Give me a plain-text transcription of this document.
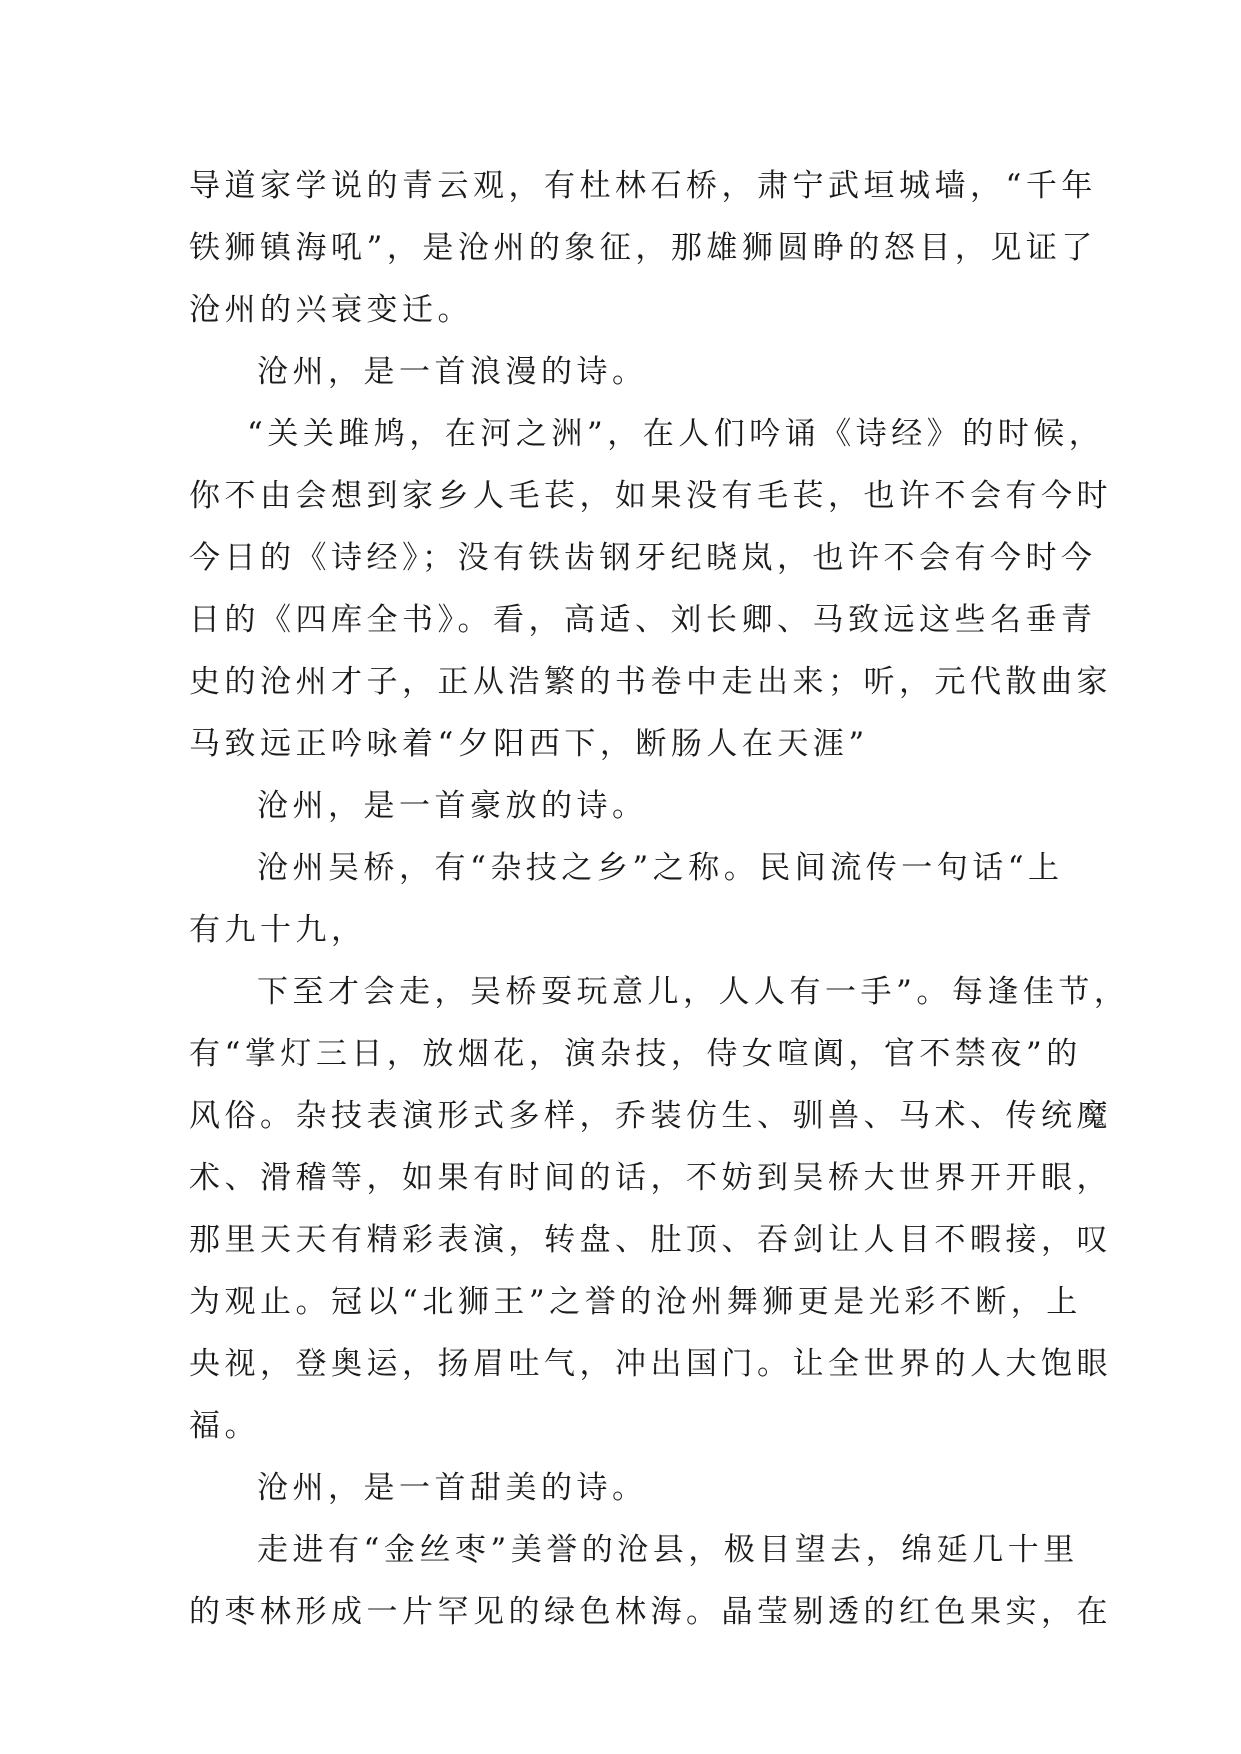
导道家学说的青云观，有杜林石桥，肃宁武垣城墙，“千年
铁狮镇海吼”，是沧州的象征，那雄狮圆睁的怒目，见证了
沧州的兴衰变迁。
沧州，是一首浪漫的诗。
“关关雎鸠，在河之洲”，在人们吟诵《诗经》的时候，
你不由会想到家乡人毛苌，如果没有毛苌，也许不会有今时
今日的《诗经》；没有铁齿钢牙纪晓岚，也许不会有今时今
日的《四库全书》。看，高适、刘长卿、马致远这些名垂青
史的沧州才子，正从浩繁的书卷中走出来；听，元代散曲家
马致远正吟咏着“夕阳西下，断肠人在天涯”
沧州，是一首豪放的诗。
沧州吴桥，有“杂技之乡”之称。民间流传一句话“上
有九十九，
下至才会走，吴桥耍玩意儿，人人有一手”。每逢佳节，
有“掌灯三日，放烟花，演杂技，侍女喧阗，官不禁夜”的
风俗。杂技表演形式多样，乔装仿生、驯兽、马术、传统魔
术、滑稽等，如果有时间的话，不妨到吴桥大世界开开眼，
那里天天有精彩表演，转盘、肚顶、吞剑让人目不暇接，叹
为观止。冠以“北狮王”之誉的沧州舞狮更是光彩不断，上
央视，登奥运，扬眉吐气，冲出国门。让全世界的人大饱眼
福。
沧州，是一首甜美的诗。
走进有“金丝枣”美誉的沧县，极目望去，绵延几十里
的枣林形成一片罕见的绿色林海。晶莹剔透的红色果实，在
